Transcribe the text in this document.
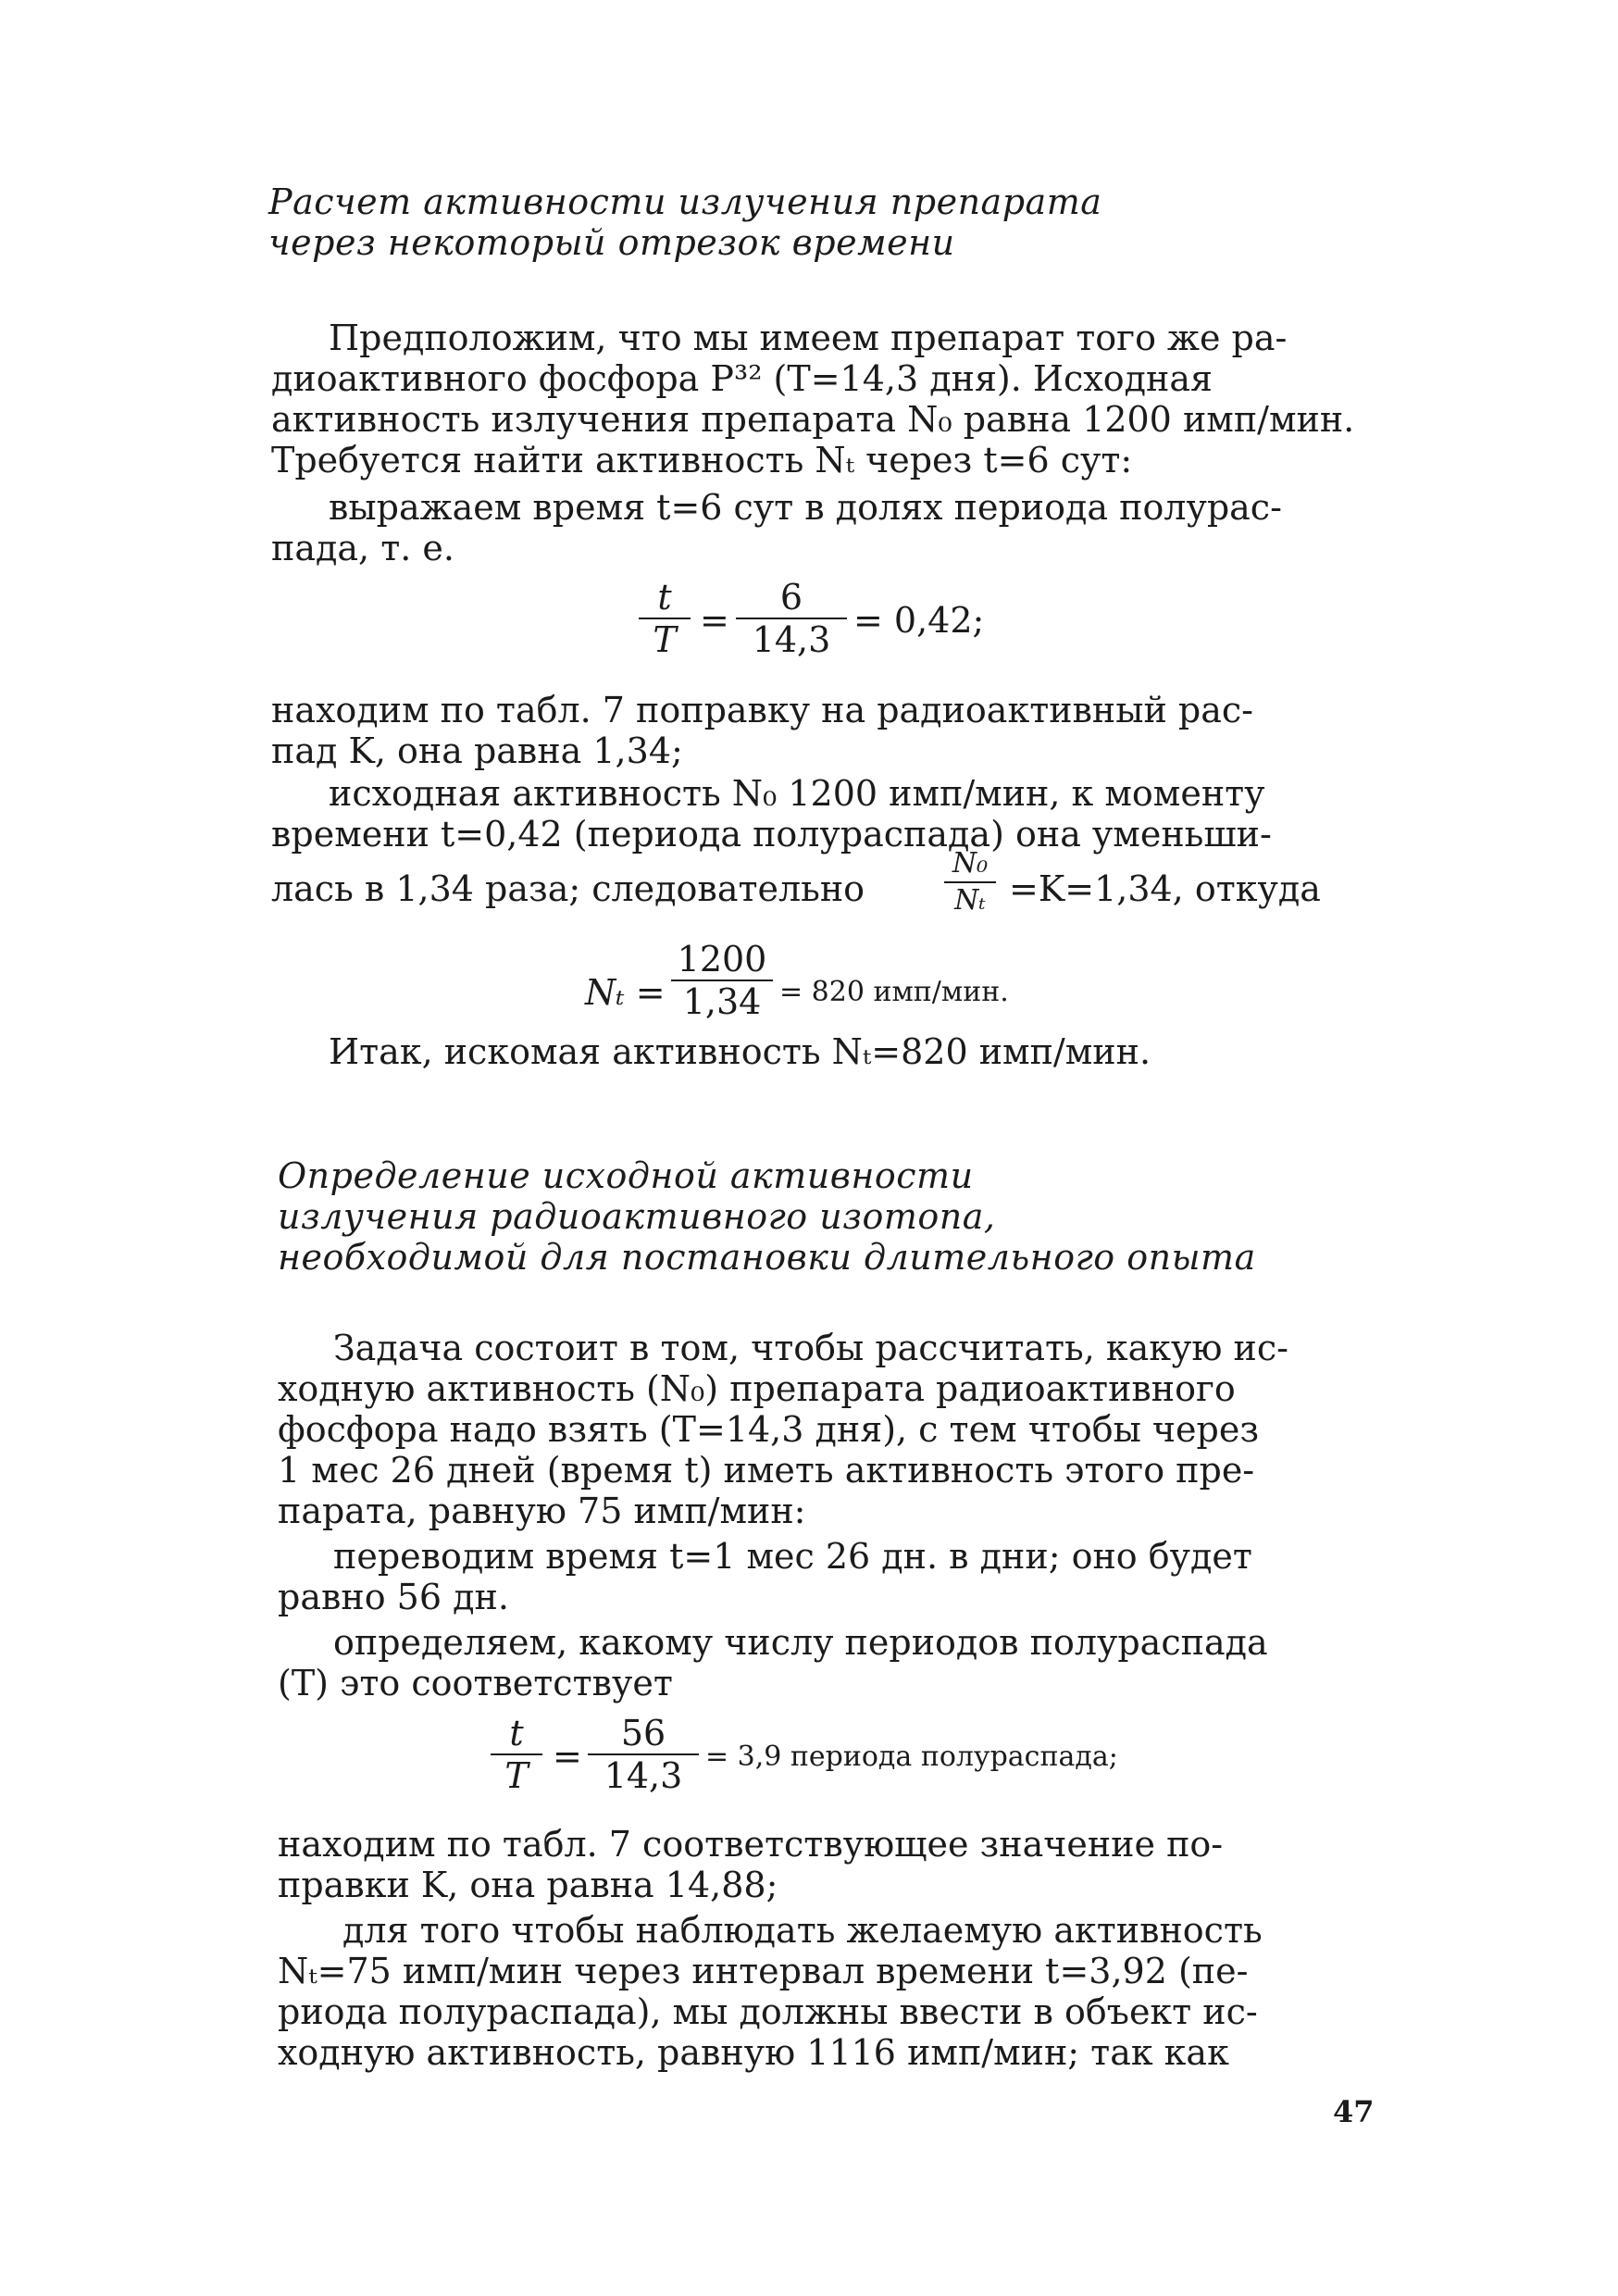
Расчет активности излучения препарата
через некоторый отрезок времени
Предположим, что мы имеем препарат того же ра-
диоактивного фосфора P³² (T=14,3 дня). Исходная
активность излучения препарата N₀ равна 1200 имп/мин.
Требуется найти активность Nₜ через t=6 сут:
выражаем время t=6 сут в долях периода полурас-
пада, т. е.
t
T =
6
14,3 = 0,42;
находим по табл. 7 поправку на радиоактивный рас-
пад K, она равна 1,34;
исходная активность N₀ 1200 имп/мин, к моменту
времени t=0,42 (периода полураспада) она уменьши-
лась в 1,34 раза; следовательно
N₀
Nₜ =K=1,34, откуда
Nₜ =
1200
1,34 = 820 имп/мин.
Итак, искомая активность Nₜ=820 имп/мин.
Определение исходной активности
излучения радиоактивного изотопа,
необходимой для постановки длительного опыта
Задача состоит в том, чтобы рассчитать, какую ис-
ходную активность (N₀) препарата радиоактивного
фосфора надо взять (T=14,3 дня), с тем чтобы через
1 мес 26 дней (время t) иметь активность этого пре-
парата, равную 75 имп/мин:
переводим время t=1 мес 26 дн. в дни; оно будет
равно 56 дн.
определяем, какому числу периодов полураспада
(T) это соответствует
t
T =
56
14,3 = 3,9 периода полураспада;
находим по табл. 7 соответствующее значение по-
правки K, она равна 14,88;
для того чтобы наблюдать желаемую активность
Nₜ=75 имп/мин через интервал времени t=3,92 (пе-
риода полураспада), мы должны ввести в объект ис-
ходную активность, равную 1116 имп/мин; так как
47
